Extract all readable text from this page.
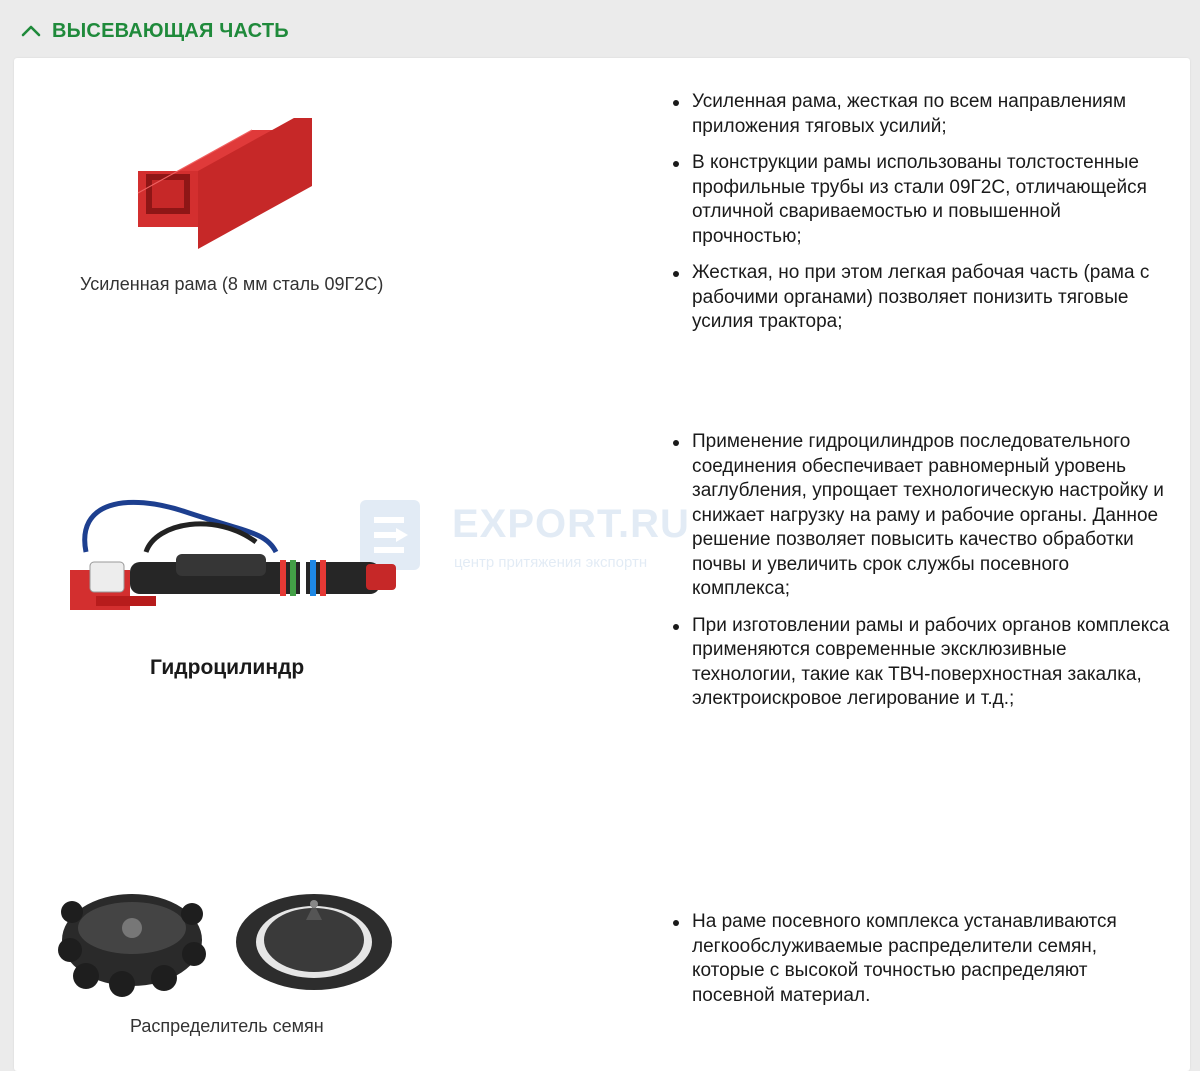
ВЫСЕВАЮЩАЯ ЧАСТЬ
Усиленная рама (8 мм сталь 09Г2С)
Усиленная рама, жесткая по всем направлениям приложения тяговых усилий;
В конструкции рамы использованы толстостенные профильные трубы из стали 09Г2С, отличающейся отличной свариваемостью и повышенной прочностью;
Жесткая, но при этом легкая рабочая часть (рама с рабочими органами) позволяет понизить тяговые усилия трактора;
EXPORT.RU
центр притяжения экспортн
Гидроцилиндр
Применение гидроцилиндров последовательного соединения обеспечивает равномерный уровень заглубления, упрощает технологическую настройку и снижает нагрузку на раму и рабочие органы. Данное решение позволяет повысить качество обработки почвы и увеличить срок службы посевного комплекса;
При изготовлении рамы и рабочих органов комплекса применяются современные эксклюзивные технологии, такие как ТВЧ-поверхностная закалка, электроискровое легирование и т.д.;
Распределитель семян
На раме посевного комплекса устанавливаются легкообслуживаемые распределители семян, которые с высокой точностью распределяют посевной материал.
